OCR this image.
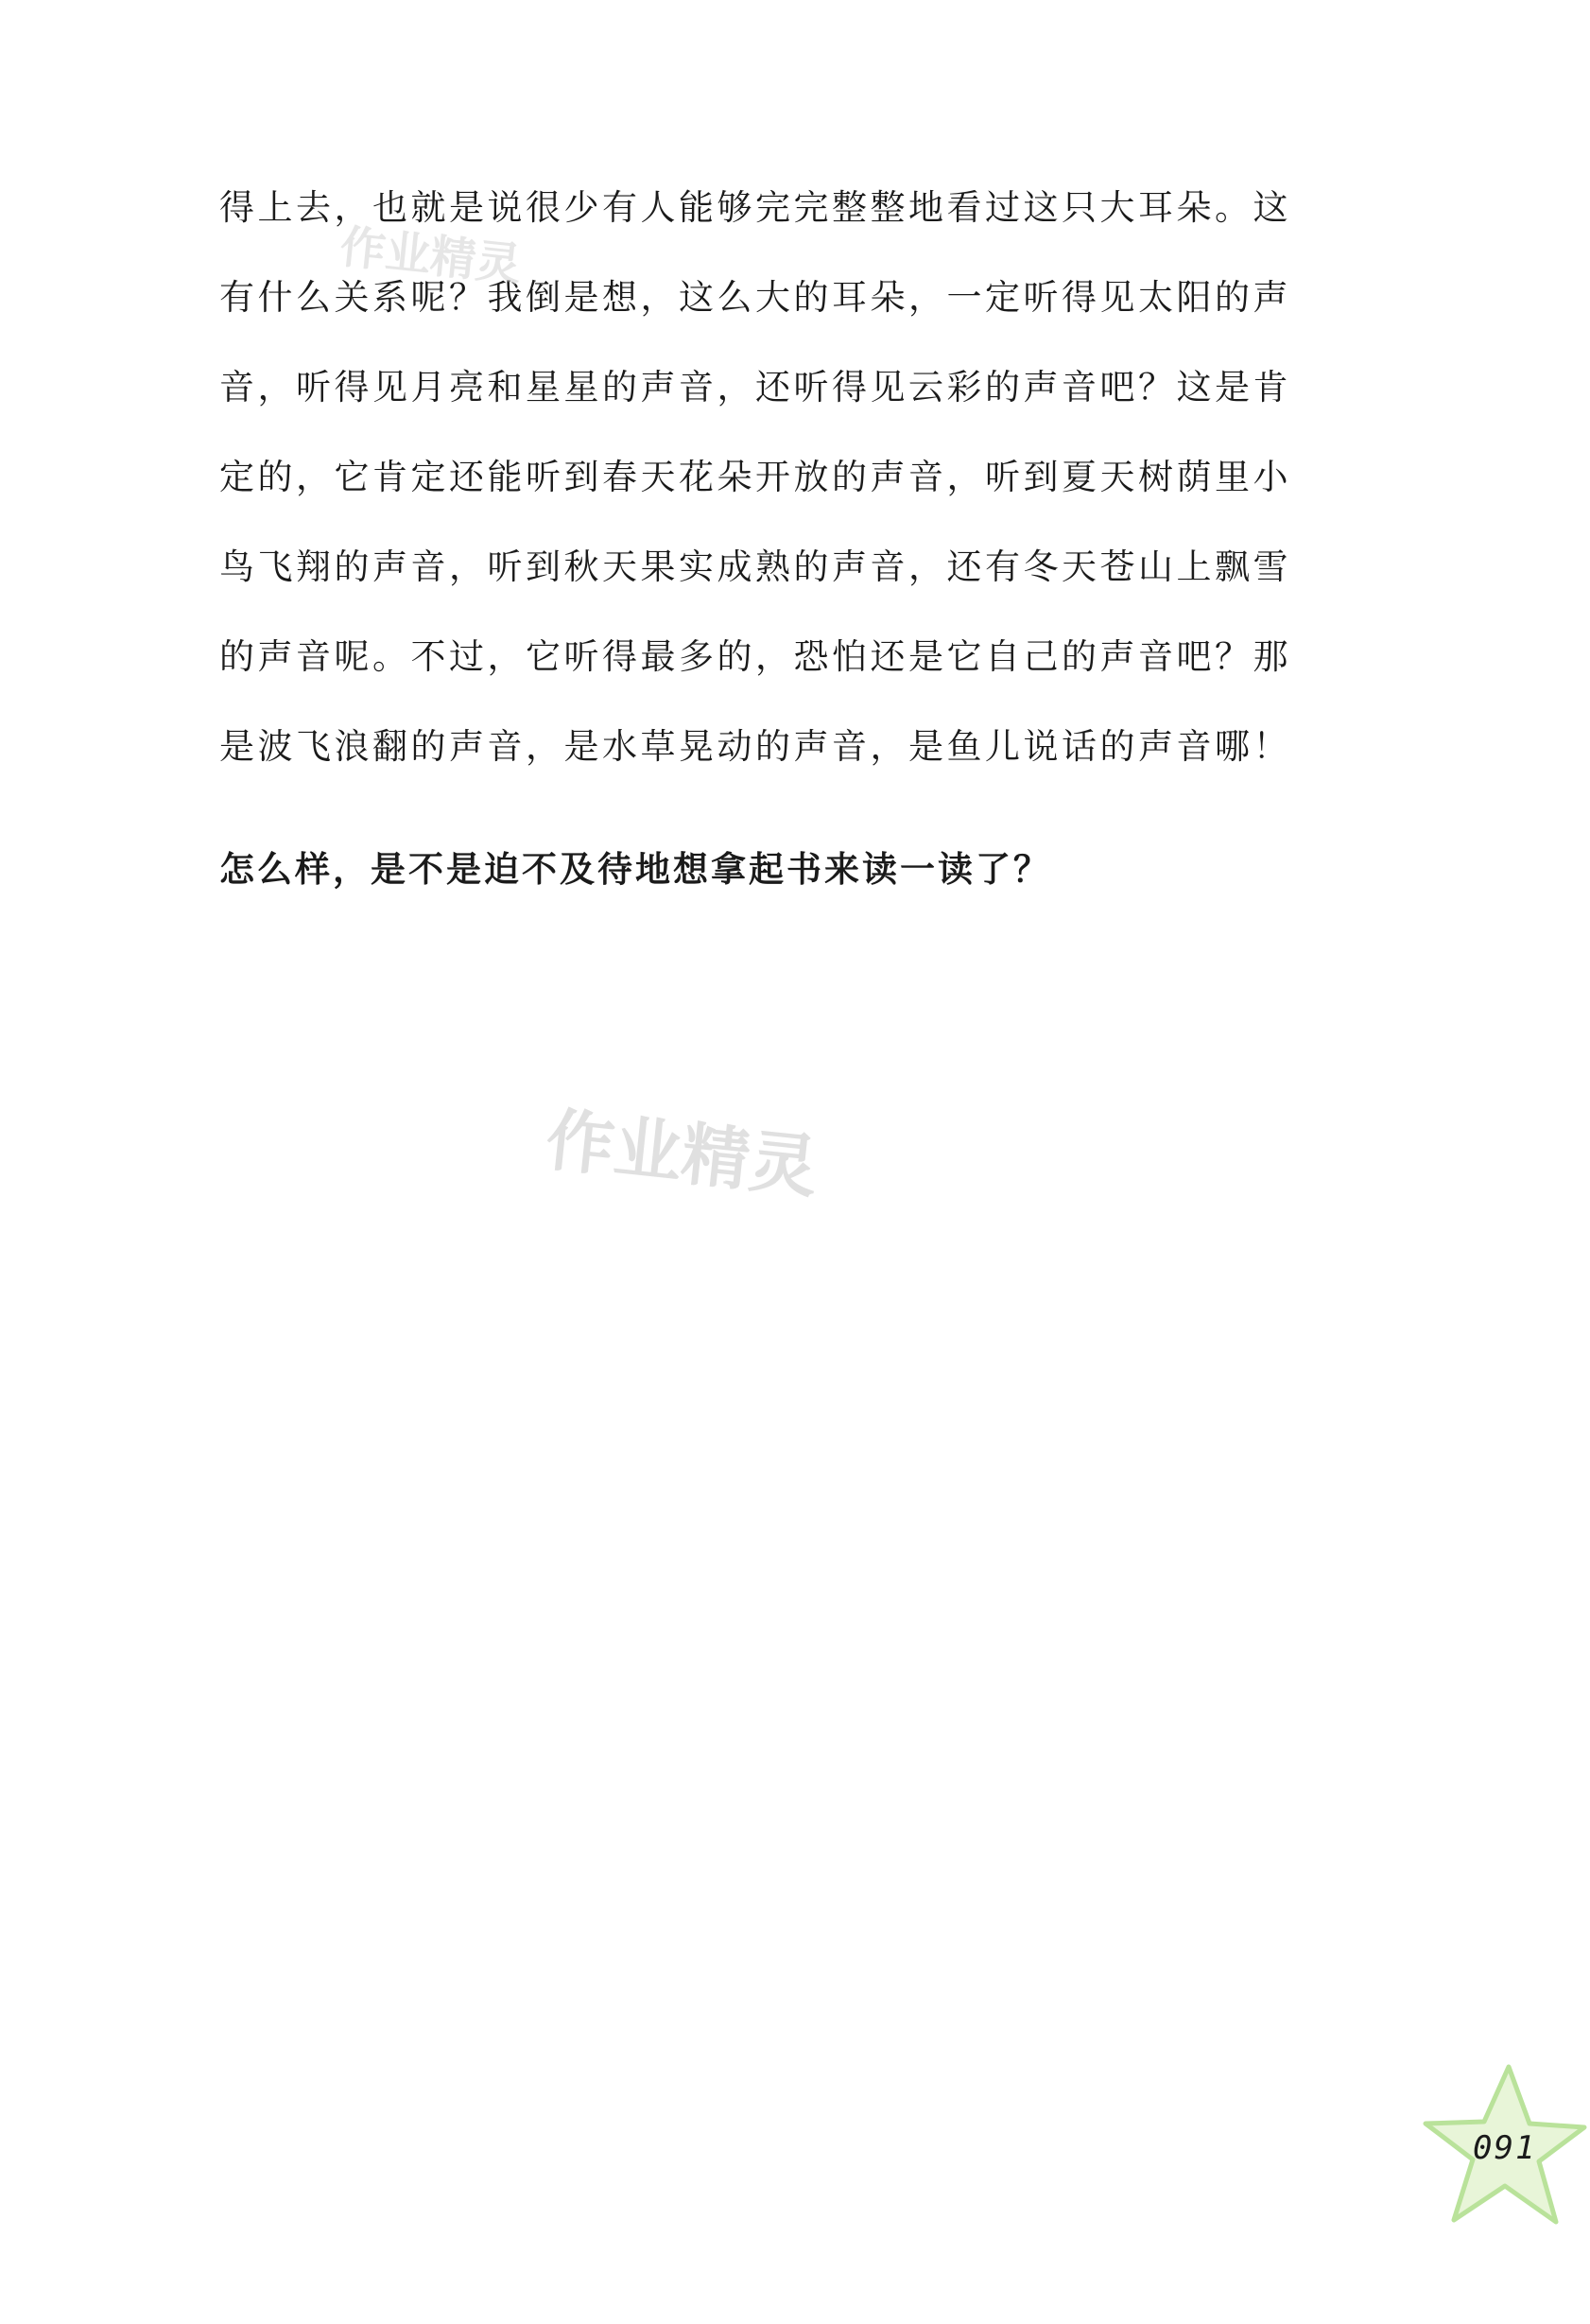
得上去，也就是说很少有人能够完完整整地看过这只大耳朵。这
有什么关系呢？我倒是想，这么大的耳朵，一定听得见太阳的声
音，听得见月亮和星星的声音，还听得见云彩的声音吧？这是肯
定的，它肯定还能听到春天花朵开放的声音，听到夏天树荫里小
鸟飞翔的声音，听到秋天果实成熟的声音，还有冬天苍山上飘雪
的声音呢。不过，它听得最多的，恐怕还是它自己的声音吧？那
是波飞浪翻的声音，是水草晃动的声音，是鱼儿说话的声音哪！
怎么样，是不是迫不及待地想拿起书来读一读了？
作业精灵
作业精灵
091
